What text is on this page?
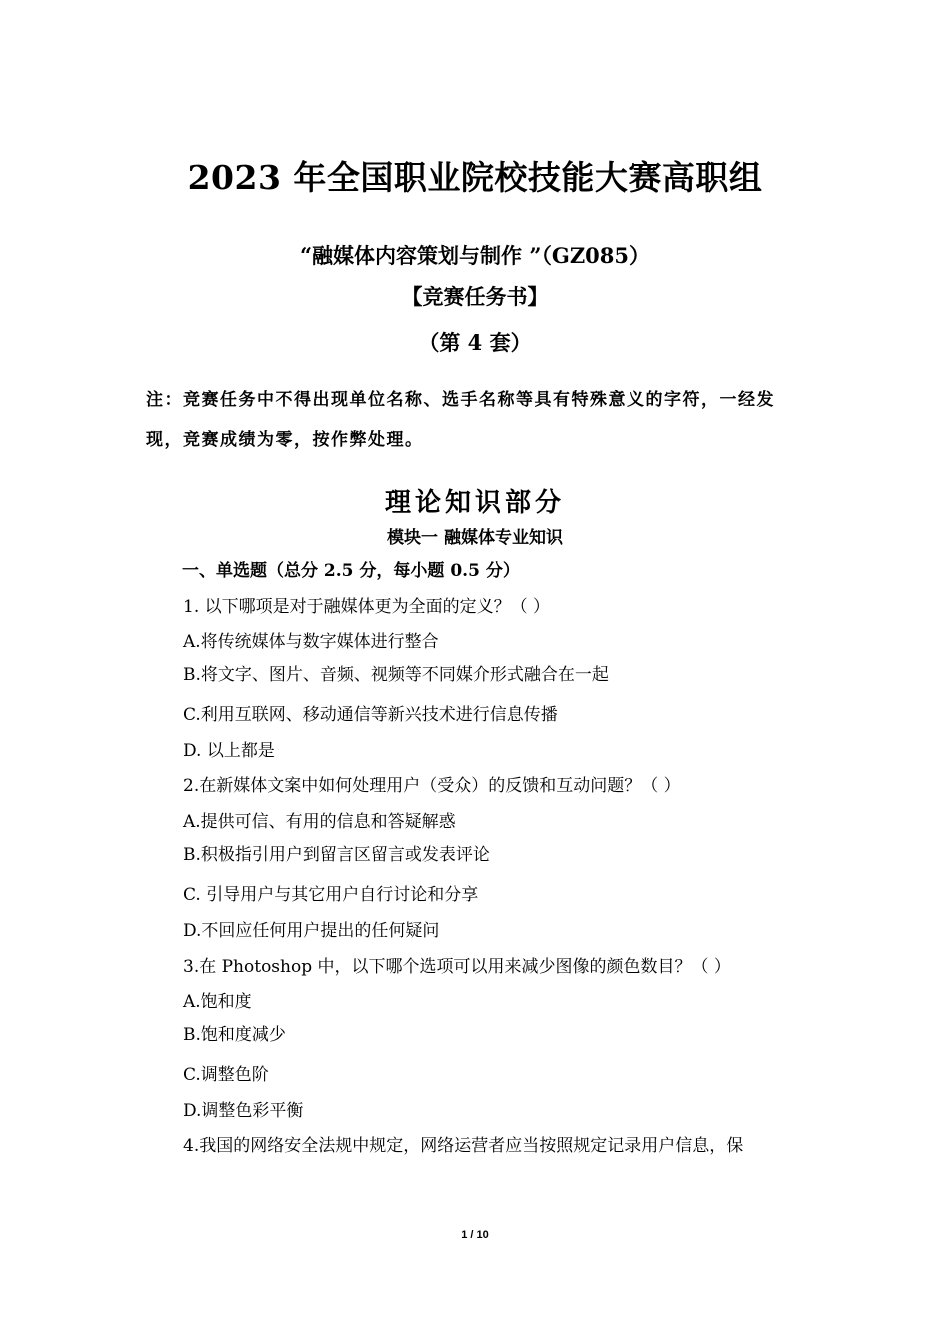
2023 年全国职业院校技能大赛高职组
“融媒体内容策划与制作 ”（GZ085）
【竞赛任务书】
（第 4 套）
注：竞赛任务中不得出现单位名称、选手名称等具有特殊意义的字符，一经发
现，竞赛成绩为零，按作弊处理。
理论知识部分
模块一 融媒体专业知识
一、单选题（总分 2.5 分，每小题 0.5 分）
1. 以下哪项是对于融媒体更为全面的定义？（ ）
A.将传统媒体与数字媒体进行整合
B.将文字、图片、音频、视频等不同媒介形式融合在一起
C.利用互联网、移动通信等新兴技术进行信息传播
D. 以上都是
2.在新媒体文案中如何处理用户（受众）的反馈和互动问题？（ ）
A.提供可信、有用的信息和答疑解惑
B.积极指引用户到留言区留言或发表评论
C. 引导用户与其它用户自行讨论和分享
D.不回应任何用户提出的任何疑问
3.在 Photoshop 中，以下哪个选项可以用来减少图像的颜色数目？（ ）
A.饱和度
B.饱和度减少
C.调整色阶
D.调整色彩平衡
4.我国的网络安全法规中规定，网络运营者应当按照规定记录用户信息，保
1 / 10
